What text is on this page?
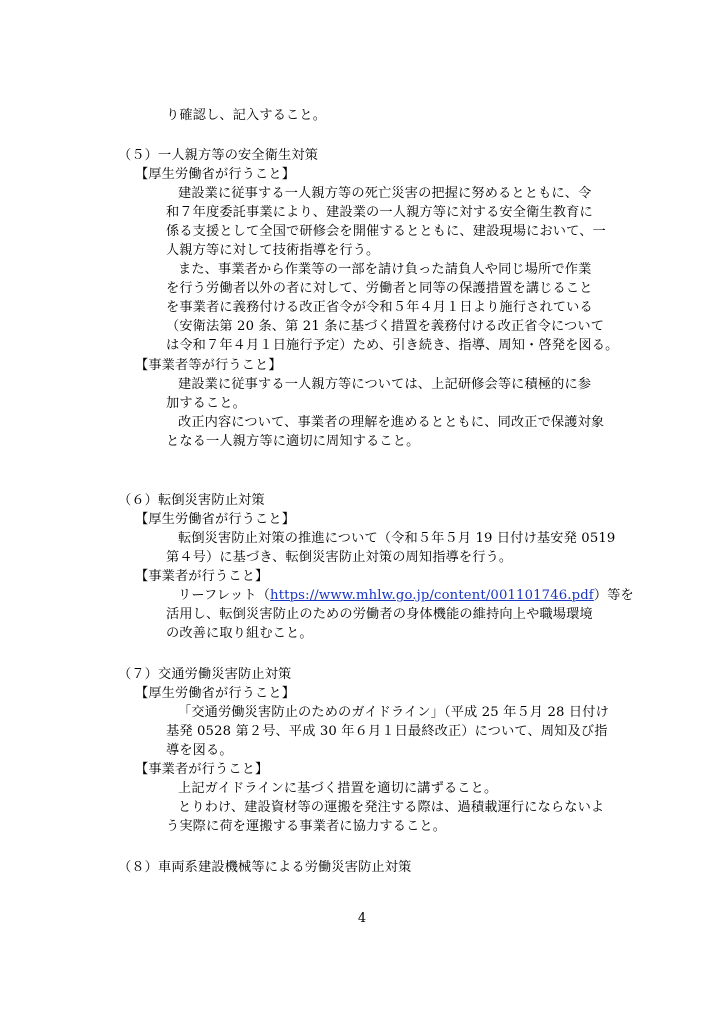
り確認し、記入すること。
（５）一人親方等の安全衛生対策
【厚生労働省が行うこと】
建設業に従事する一人親方等の死亡災害の把握に努めるとともに、令
和７年度委託事業により、建設業の一人親方等に対する安全衛生教育に
係る支援として全国で研修会を開催するとともに、建設現場において、一
人親方等に対して技術指導を行う。
また、事業者から作業等の一部を請け負った請負人や同じ場所で作業
を行う労働者以外の者に対して、労働者と同等の保護措置を講じること
を事業者に義務付ける改正省令が令和５年４月１日より施行されている
（安衛法第 20 条、第 21 条に基づく措置を義務付ける改正省令について
は令和７年４月１日施行予定）ため、引き続き、指導、周知・啓発を図る。
【事業者等が行うこと】
建設業に従事する一人親方等については、上記研修会等に積極的に参
加すること。
改正内容について、事業者の理解を進めるとともに、同改正で保護対象
となる一人親方等に適切に周知すること。
（６）転倒災害防止対策
【厚生労働省が行うこと】
転倒災害防止対策の推進について（令和５年５月 19 日付け基安発 0519
第４号）に基づき、転倒災害防止対策の周知指導を行う。
【事業者が行うこと】
リーフレット（https://www.mhlw.go.jp/content/001101746.pdf）等を
活用し、転倒災害防止のための労働者の身体機能の維持向上や職場環境
の改善に取り組むこと。
（７）交通労働災害防止対策
【厚生労働省が行うこと】
「交通労働災害防止のためのガイドライン」（平成 25 年５月 28 日付け
基発 0528 第２号、平成 30 年６月１日最終改正）について、周知及び指
導を図る。
【事業者が行うこと】
上記ガイドラインに基づく措置を適切に講ずること。
とりわけ、建設資材等の運搬を発注する際は、過積載運行にならないよ
う実際に荷を運搬する事業者に協力すること。
（８）車両系建設機械等による労働災害防止対策
4
